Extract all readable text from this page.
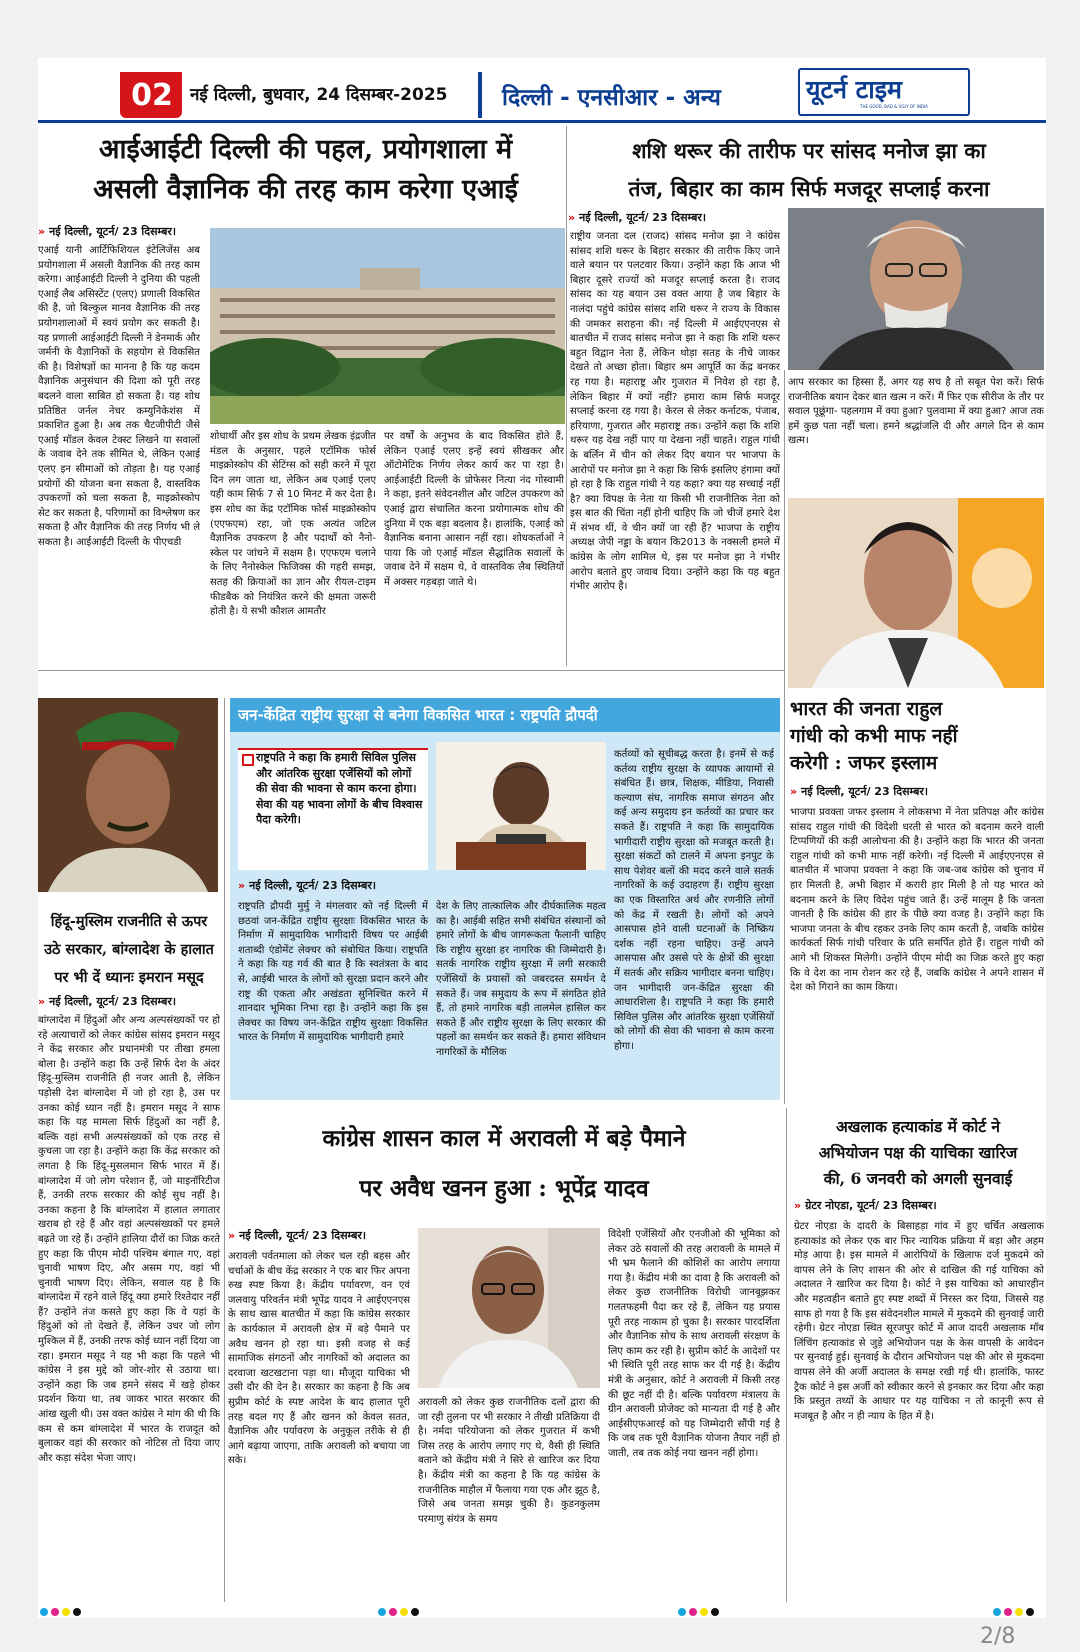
02	नई दिल्ली, बुधवार, 24 दिसम्बर-2025 दिल्ली - एनसीआर - अन्य	यूटर्न टाइम
THE GOOD, BAD & UGLY OF INDIA
आईआईटी दिल्ली की पहल, प्रयोगशाला में
असली वैज्ञानिक की तरह काम करेगा एआई
» नई दिल्ली, यूटर्न/ 23 दिसम्बर।
एआई यानी आर्टिफिशियल इंटेलिजेंस अब प्रयोगशाला में असली वैज्ञानिक की तरह काम करेगा। आईआईटी दिल्ली ने दुनिया की पहली एआई लैब असिस्टेंट (एलए) प्रणाली विकसित की है, जो बिल्कुल मानव वैज्ञानिक की तरह प्रयोगशालाओं में स्वयं प्रयोग कर सकती है। यह प्रणाली आईआईटी दिल्ली ने डेनमार्क और जर्मनी के वैज्ञानिकों के सहयोग से विकसित की है। विशेषज्ञों का मानना है कि यह कदम वैज्ञानिक अनुसंधान की दिशा को पूरी तरह बदलने वाला साबित हो सकता है। यह शोध प्रतिष्ठित जर्नल नेचर कम्युनिकेशंस में प्रकाशित हुआ है। अब तक चैटजीपीटी जैसे एआई मॉडल केवल टेक्स्ट लिखने या सवालों के जवाब देने तक सीमित थे, लेकिन एआई एलए इन सीमाओं को तोड़ता है। यह एआई प्रयोगों की योजना बना सकता है, वास्तविक उपकरणों को चला सकता है, माइक्रोस्कोप सेट कर सकता है, परिणामों का विश्लेषण कर सकता है और वैज्ञानिक की तरह निर्णय भी ले सकता है। आईआईटी दिल्ली के पीएचडी
शोधार्थी और इस शोध के प्रथम लेखक इंद्रजीत मंडल के अनुसार, पहले एटॉमिक फोर्स माइक्रोस्कोप की सेटिंग्स को सही करने में पूरा दिन लग जाता था, लेकिन अब एआई एलए यही काम सिर्फ 7 से 10 मिनट में कर देता है। इस शोध का केंद्र एटॉमिक फोर्स माइक्रोस्कोप (एएफएम) रहा, जो एक अत्यंत जटिल वैज्ञानिक उपकरण है और पदार्थों को नैनो-स्केल पर जांचने में सक्षम है। एएफएम चलाने के लिए नैनोस्केल फिजिक्स की गहरी समझ, सतह की क्रियाओं का ज्ञान और रीयल-टाइम फीडबैक को नियंत्रित करने की क्षमता जरूरी होती है। ये सभी कौशल आमतौर
पर वर्षों के अनुभव के बाद विकसित होते हैं, लेकिन एआई एलए इन्हें स्वयं सीखकर और ऑटोमेटिक निर्णय लेकर कार्य कर पा रहा है। आईआईटी दिल्ली के प्रोफेसर नित्या नंद गोस्वामी ने कहा, इतने संवेदनशील और जटिल उपकरण को एआई द्वारा संचालित करना प्रयोगात्मक शोध की दुनिया में एक बड़ा बदलाव है। हालांकि, एआई को वैज्ञानिक बनाना आसान नहीं रहा। शोधकर्ताओं ने पाया कि जो एआई मॉडल सैद्धांतिक सवालों के जवाब देने में सक्षम थे, वे वास्तविक लैब स्थितियों में अक्सर गड़बड़ा जाते थे।
शशि थरूर की तारीफ पर सांसद मनोज झा का
तंज, बिहार का काम सिर्फ मजदूर सप्लाई करना
» नई दिल्ली, यूटर्न/ 23 दिसम्बर।
राष्ट्रीय जनता दल (राजद) सांसद मनोज झा ने कांग्रेस सांसद शशि थरूर के बिहार सरकार की तारीफ किए जाने वाले बयान पर पलटवार किया। उन्होंने कहा कि आज भी बिहार दूसरे राज्यों को मजदूर सप्लाई करता है। राजद सांसद का यह बयान उस वक्त आया है जब बिहार के नालंदा पहुंचे कांग्रेस सांसद शशि थरूर ने राज्य के विकास की जमकर सराहना की। नई दिल्ली में आईएएनएस से बातचीत में राजद सांसद मनोज झा ने कहा कि शशि थरूर बहुत विद्वान नेता हैं, लेकिन थोड़ा सतह के नीचे जाकर देखते तो अच्छा होता। बिहार श्रम आपूर्ति का केंद्र बनकर रह गया है। महाराष्ट्र और गुजरात में निवेश हो रहा है, लेकिन बिहार में क्यों नहीं? हमारा काम सिर्फ मजदूर सप्लाई करना रह गया है। केरल से लेकर कर्नाटक, पंजाब, हरियाणा, गुजरात और महाराष्ट्र तक। उन्होंने कहा कि शशि थरूर यह देख नहीं पाए या देखना नहीं चाहते। राहुल गांधी के बर्लिन में चीन को लेकर दिए बयान पर भाजपा के आरोपों पर मनोज झा ने कहा कि सिर्फ इसलिए हंगामा क्यों हो रहा है कि राहुल गांधी ने यह कहा? क्या यह सच्चाई नहीं है? क्या विपक्ष के नेता या किसी भी राजनीतिक नेता को इस बात की चिंता नहीं होनी चाहिए कि जो चीजें हमारे देश में संभव थीं, वे चीन क्यों जा रही हैं? भाजपा के राष्ट्रीय अध्यक्ष जेपी नड्डा के बयान कि2013 के नक्सली हमले में कांग्रेस के लोग शामिल थे, इस पर मनोज झा ने गंभीर आरोप बताते हुए जवाब दिया। उन्होंने कहा कि यह बहुत गंभीर आरोप है।
आप सरकार का हिस्सा हैं, अगर यह सच है तो सबूत पेश करें। सिर्फ राजनीतिक बयान देकर बात खत्म न करें। मैं फिर एक सीरीज के तौर पर सवाल पूछूंगा- पहलगाम में क्या हुआ? पुलवामा में क्या हुआ? आज तक हमें कुछ पता नहीं चला। हमने श्रद्धांजलि दी और अगले दिन से काम खत्म।
भारत की जनता राहुल
गांधी को कभी माफ नहीं
करेगी : जफर इस्लाम
» नई दिल्ली, यूटर्न/ 23 दिसम्बर।
भाजपा प्रवक्ता जफर इस्लाम ने लोकसभा में नेता प्रतिपक्ष और कांग्रेस सांसद राहुल गांधी की विदेशी धरती से भारत को बदनाम करने वाली टिप्पणियों की कड़ी आलोचना की है। उन्होंने कहा कि भारत की जनता राहुल गांधी को कभी माफ नहीं करेगी। नई दिल्ली में आईएएनएस से बातचीत में भाजपा प्रवक्ता ने कहा कि जब-जब कांग्रेस को चुनाव में हार मिलती है, अभी बिहार में करारी हार मिली है तो यह भारत को बदनाम करने के लिए विदेश पहुंच जाते हैं। उन्हें मालूम है कि जनता जानती है कि कांग्रेस की हार के पीछे क्या वजह है। उन्होंने कहा कि भाजपा जनता के बीच रहकर उनके लिए काम करती है, जबकि कांग्रेस कार्यकर्ता सिर्फ गांधी परिवार के प्रति समर्पित होते हैं। राहुल गांधी को आगे भी शिकस्त मिलेगी। उन्होंने पीएम मोदी का जिक्र करते हुए कहा कि वे देश का नाम रोशन कर रहे हैं, जबकि कांग्रेस ने अपने शासन में देश को गिराने का काम किया।
हिंदू-मुस्लिम राजनीति से ऊपर
उठे सरकार, बांग्लादेश के हालात
पर भी दें ध्यानः इमरान मसूद
» नई दिल्ली, यूटर्न/ 23 दिसम्बर।
बांग्लादेश में हिंदुओं और अन्य अल्पसंख्यकों पर हो रहे अत्याचारों को लेकर कांग्रेस सांसद इमरान मसूद ने केंद्र सरकार और प्रधानमंत्री पर तीखा हमला बोला है। उन्होंने कहा कि उन्हें सिर्फ देश के अंदर हिंदू-मुस्लिम राजनीति ही नजर आती है, लेकिन पड़ोसी देश बांग्लादेश में जो हो रहा है, उस पर उनका कोई ध्यान नहीं है। इमरान मसूद ने साफ कहा कि यह मामला सिर्फ हिंदुओं का नहीं है, बल्कि वहां सभी अल्पसंख्यकों को एक तरह से कुचला जा रहा है। उन्होंने कहा कि केंद्र सरकार को लगता है कि हिंदू-मुसलमान सिर्फ भारत में हैं। बांग्लादेश में जो लोग परेशान हैं, जो माइनॉरिटीज हैं, उनकी तरफ सरकार की कोई सुध नहीं है। उनका कहना है कि बांग्लादेश में हालात लगातार खराब हो रहे हैं और वहां अल्पसंख्यकों पर हमले बढ़ते जा रहे हैं। उन्होंने हालिया दौरों का जिक्र करते हुए कहा कि पीएम मोदी पश्चिम बंगाल गए, वहां चुनावी भाषण दिए, और असम गए, वहां भी चुनावी भाषण दिए। लेकिन, सवाल यह है कि बांग्लादेश में रहने वाले हिंदू क्या हमारे रिश्तेदार नहीं हैं? उन्होंने तंज कसते हुए कहा कि वे यहां के हिंदुओं को तो देखते हैं, लेकिन उधर जो लोग मुश्किल में हैं, उनकी तरफ कोई ध्यान नहीं दिया जा रहा। इमरान मसूद ने यह भी कहा कि पहले भी कांग्रेस ने इस मुद्दे को जोर-शोर से उठाया था। उन्होंने कहा कि जब हमने संसद में खड़े होकर प्रदर्शन किया था, तब जाकर भारत सरकार की आंख खुली थी। उस वक्त कांग्रेस ने मांग की थी कि कम से कम बांग्लादेश में भारत के राजदूत को बुलाकर वहां की सरकार को नोटिस तो दिया जाए और कड़ा संदेश भेजा जाए।
जन-केंद्रित राष्ट्रीय सुरक्षा से बनेगा विकसित भारत : राष्ट्रपति द्रौपदी
राष्ट्रपति ने कहा कि हमारी सिविल पुलिस और आंतरिक सुरक्षा एजेंसियों को लोगों की सेवा की भावना से काम करना होगा। सेवा की यह भावना लोगों के बीच विश्वास पैदा करेगी।
» नई दिल्ली, यूटर्न/ 23 दिसम्बर।
राष्ट्रपति द्रौपदी मुर्मु ने मंगलवार को नई दिल्ली में छठवां जन-केंद्रित राष्ट्रीय सुरक्षाः विकसित भारत के निर्माण में सामुदायिक भागीदारी विषय पर आईबी शताब्दी एंडोमेंट लेक्चर को संबोधित किया। राष्ट्रपति ने कहा कि यह गर्व की बात है कि स्वतंत्रता के बाद से, आईबी भारत के लोगों को सुरक्षा प्रदान करने और राष्ट्र की एकता और अखंडता सुनिश्चित करने में शानदार भूमिका निभा रहा है। उन्होंने कहा कि इस लेक्चर का विषय जन-केंद्रित राष्ट्रीय सुरक्षाः विकसित भारत के निर्माण में सामुदायिक भागीदारी हमारे
देश के लिए तात्कालिक और दीर्घकालिक महत्व का है। आईबी सहित सभी संबंधित संस्थानों को हमारे लोगों के बीच जागरूकता फैलानी चाहिए कि राष्ट्रीय सुरक्षा हर नागरिक की जिम्मेदारी है। सतर्क नागरिक राष्ट्रीय सुरक्षा में लगी सरकारी एजेंसियों के प्रयासों को जबरदस्त समर्थन दे सकते हैं। जब समुदाय के रूप में संगठित होते हैं, तो हमारे नागरिक बड़ी तालमेल हासिल कर सकते हैं और राष्ट्रीय सुरक्षा के लिए सरकार की पहलों का समर्थन कर सकते हैं। हमारा संविधान नागरिकों के मौलिक
कर्तव्यों को सूचीबद्ध करता है। इनमें से कई कर्तव्य राष्ट्रीय सुरक्षा के व्यापक आयामों से संबंधित हैं। छात्र, शिक्षक, मीडिया, निवासी कल्याण संघ, नागरिक समाज संगठन और कई अन्य समुदाय इन कर्तव्यों का प्रचार कर सकते हैं। राष्ट्रपति ने कहा कि सामुदायिक भागीदारी राष्ट्रीय सुरक्षा को मजबूत करती है। सुरक्षा संकटों को टालने में अपना इनपुट के साथ पेशेवर बलों की मदद करने वाले सतर्क नागरिकों के कई उदाहरण हैं। राष्ट्रीय सुरक्षा का एक विस्तारित अर्थ और रणनीति लोगों को केंद्र में रखती है। लोगों को अपने आसपास होने वाली घटनाओं के निष्क्रिय दर्शक नहीं रहना चाहिए। उन्हें अपने आसपास और उससे परे के क्षेत्रों की सुरक्षा में सतर्क और सक्रिय भागीदार बनना चाहिए। जन भागीदारी जन-केंद्रित सुरक्षा की आधारशिला है। राष्ट्रपति ने कहा कि हमारी सिविल पुलिस और आंतरिक सुरक्षा एजेंसियों को लोगों की सेवा की भावना से काम करना होगा।
कांग्रेस शासन काल में अरावली में बड़े पैमाने
पर अवैध खनन हुआ : भूपेंद्र यादव
» नई दिल्ली, यूटर्न/ 23 दिसम्बर।
अरावली पर्वतमाला को लेकर चल रही बहस और चर्चाओं के बीच केंद्र सरकार ने एक बार फिर अपना रुख स्पष्ट किया है। केंद्रीय पर्यावरण, वन एवं जलवायु परिवर्तन मंत्री भूपेंद्र यादव ने आईएएनएस के साथ खास बातचीत में कहा कि कांग्रेस सरकार के कार्यकाल में अरावली क्षेत्र में बड़े पैमाने पर अवैध खनन हो रहा था। इसी वजह से कई सामाजिक संगठनों और नागरिकों को अदालत का दरवाजा खटखटाना पड़ा था। मौजूदा याचिका भी उसी दौर की देन है। सरकार का कहना है कि अब सुप्रीम कोर्ट के स्पष्ट आदेश के बाद हालात पूरी तरह बदल गए हैं और खनन को केवल सतत, वैज्ञानिक और पर्यावरण के अनुकूल तरीके से ही आगे बढ़ाया जाएगा, ताकि अरावली को बचाया जा सके।
अरावली को लेकर कुछ राजनीतिक दलों द्वारा की जा रही तुलना पर भी सरकार ने तीखी प्रतिक्रिया दी है। नर्मदा परियोजना को लेकर गुजरात में कभी जिस तरह के आरोप लगाए गए थे, वैसी ही स्थिति बताने को केंद्रीय मंत्री ने सिरे से खारिज कर दिया है। केंद्रीय मंत्री का कहना है कि यह कांग्रेस के राजनीतिक माहौल में फैलाया गया एक और झूठ है, जिसे अब जनता समझ चुकी है। कुडनकुलम परमाणु संयंत्र के समय
विदेशी एजेंसियों और एनजीओ की भूमिका को लेकर उठे सवालों की तरह अरावली के मामले में भी भ्रम फैलाने की कोशिशें का आरोप लगाया गया है। केंद्रीय मंत्री का दावा है कि अरावली को लेकर कुछ राजनीतिक विरोधी जानबूझकर गलतफहमी पैदा कर रहे हैं, लेकिन यह प्रयास पूरी तरह नाकाम हो चुका है। सरकार पारदर्शिता और वैज्ञानिक सोच के साथ अरावली संरक्षण के लिए काम कर रही है। सुप्रीम कोर्ट के आदेशों पर भी स्थिति पूरी तरह साफ कर दी गई है। केंद्रीय मंत्री के अनुसार, कोर्ट ने अरावली में किसी तरह की छूट नहीं दी है। बल्कि पर्यावरण मंत्रालय के ग्रीन अरावली प्रोजेक्ट को मान्यता दी गई है और आईसीएफआरई को यह जिम्मेदारी सौंपी गई है कि जब तक पूरी वैज्ञानिक योजना तैयार नहीं हो जाती, तब तक कोई नया खनन नहीं होगा।
अखलाक हत्याकांड में कोर्ट ने
अभियोजन पक्ष की याचिका खारिज
की, 6 जनवरी को अगली सुनवाई
» ग्रेटर नोएडा, यूटर्न/ 23 दिसम्बर।
ग्रेटर नोएडा के दादरी के बिसाहड़ा गांव में हुए चर्चित अखलाक हत्याकांड को लेकर एक बार फिर न्यायिक प्रक्रिया में बड़ा और अहम मोड़ आया है। इस मामले में आरोपियों के खिलाफ दर्ज मुकदमे को वापस लेने के लिए शासन की ओर से दाखिल की गई याचिका को अदालत ने खारिज कर दिया है। कोर्ट ने इस याचिका को आधारहीन और महत्वहीन बताते हुए स्पष्ट शब्दों में निरस्त कर दिया, जिससे यह साफ हो गया है कि इस संवेदनशील मामले में मुकदमे की सुनवाई जारी रहेगी। ग्रेटर नोएडा स्थित सूरजपुर कोर्ट में आज दादरी अखलाक मॉब लिंचिंग हत्याकांड से जुड़े अभियोजन पक्ष के केस वापसी के आवेदन पर सुनवाई हुई। सुनवाई के दौरान अभियोजन पक्ष की ओर से मुकदमा वापस लेने की अर्जी अदालत के समक्ष रखी गई थी। हालांकि, फास्ट ट्रैक कोर्ट ने इस अर्जी को स्वीकार करने से इनकार कर दिया और कहा कि प्रस्तुत तथ्यों के आधार पर यह याचिका न तो कानूनी रूप से मजबूत है और न ही न्याय के हित में है।
2/8
